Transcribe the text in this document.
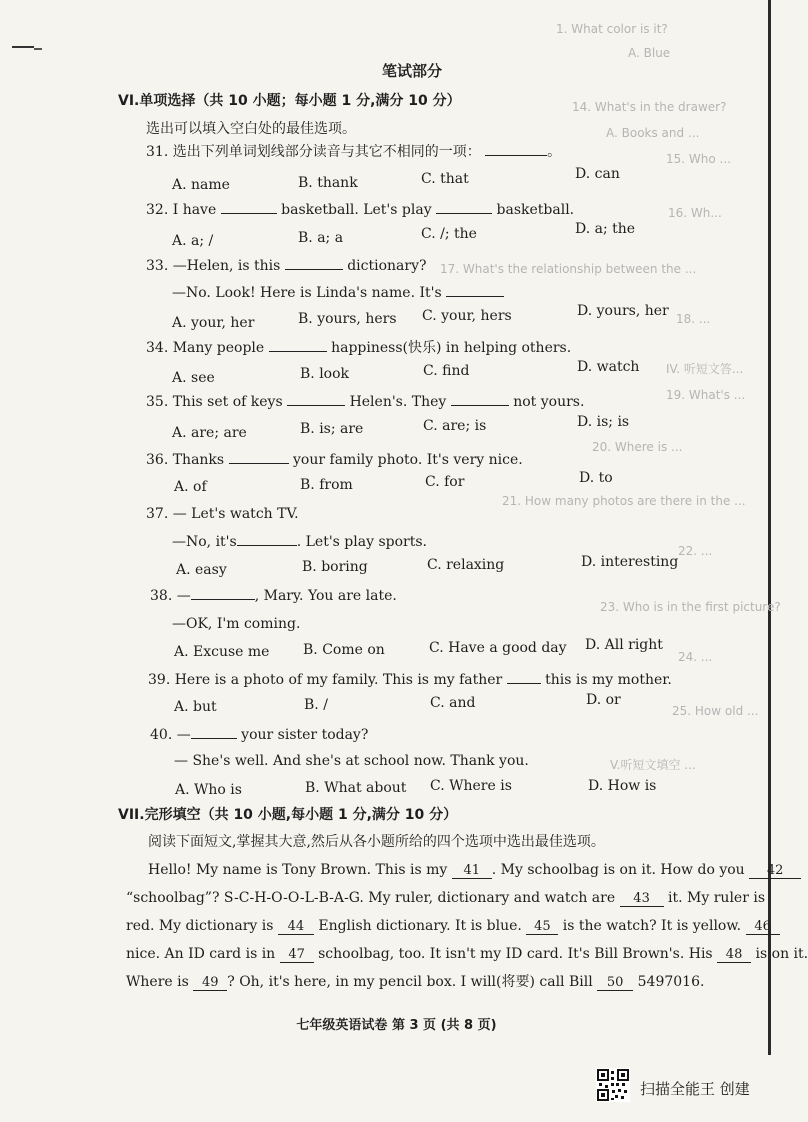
1. What color is it?
A. Blue
14. What's in the drawer?
A. Books and ...
15. Who ...
16. Wh...
17. What's the relationship between the ...
18. ...
IV. 听短文答...
19. What's ...
20. Where is ...
21. How many photos are there in the ...
22. ...
23. Who is in the first picture?
24. ...
25. How old ...
V.听短文填空 ...
笔试部分
VI.单项选择（共 10 小题；每小题 1 分,满分 10 分）
选出可以填入空白处的最佳选项。
31. 选出下列单词划线部分读音与其它不相同的一项：	。
A. name	B. thank	C. that	D. can
32. I have	basketball. Let's play	basketball.
A. a; /	B. a; a	C. /; the	D. a; the
33. —Helen, is this	dictionary?
—No. Look! Here is Linda's name. It's
A. your, her	B. yours, hers C. your, hers	D. yours, her
34. Many people	happiness(快乐) in helping others.
A. see	B. look	C. find	D. watch
35. This set of keys	Helen's. They	not yours.
A. are; are	B. is; are	C. are; is	D. is; is
36. Thanks	your family photo. It's very nice.
A. of	B. from	C. for	D. to
37. — Let's watch TV.
—No, it's	. Let's play sports.
A. easy	B. boring	C. relaxing	D. interesting
38. —	, Mary. You are late.
—OK, I'm coming.
A. Excuse me B. Come on	C. Have a good day D. All right
39. Here is a photo of my family. This is my father	this is my mother.
A. but	B. /	C. and	D. or
40. —	your sister today?
— She's well. And she's at school now. Thank you.
A. Who is	B. What about C. Where is	D. How is
VII.完形填空（共 10 小题,每小题 1 分,满分 10 分）
阅读下面短文,掌握其大意,然后从各小题所给的四个选项中选出最佳选项。
Hello! My name is Tony Brown. This is my 41 . My schoolbag is on it. How do you 42
“schoolbag”? S-C-H-O-O-L-B-A-G. My ruler, dictionary and watch are 43 it. My ruler is
red. My dictionary is 44 English dictionary. It is blue. 45 is the watch? It is yellow. 46
nice. An ID card is in 47 schoolbag, too. It isn't my ID card. It's Bill Brown's. His 48 is on it.
Where is 49 ? Oh, it's here, in my pencil box. I will(将要) call Bill 50 5497016.
七年级英语试卷 第 3 页 (共 8 页)
扫描全能王 创建
